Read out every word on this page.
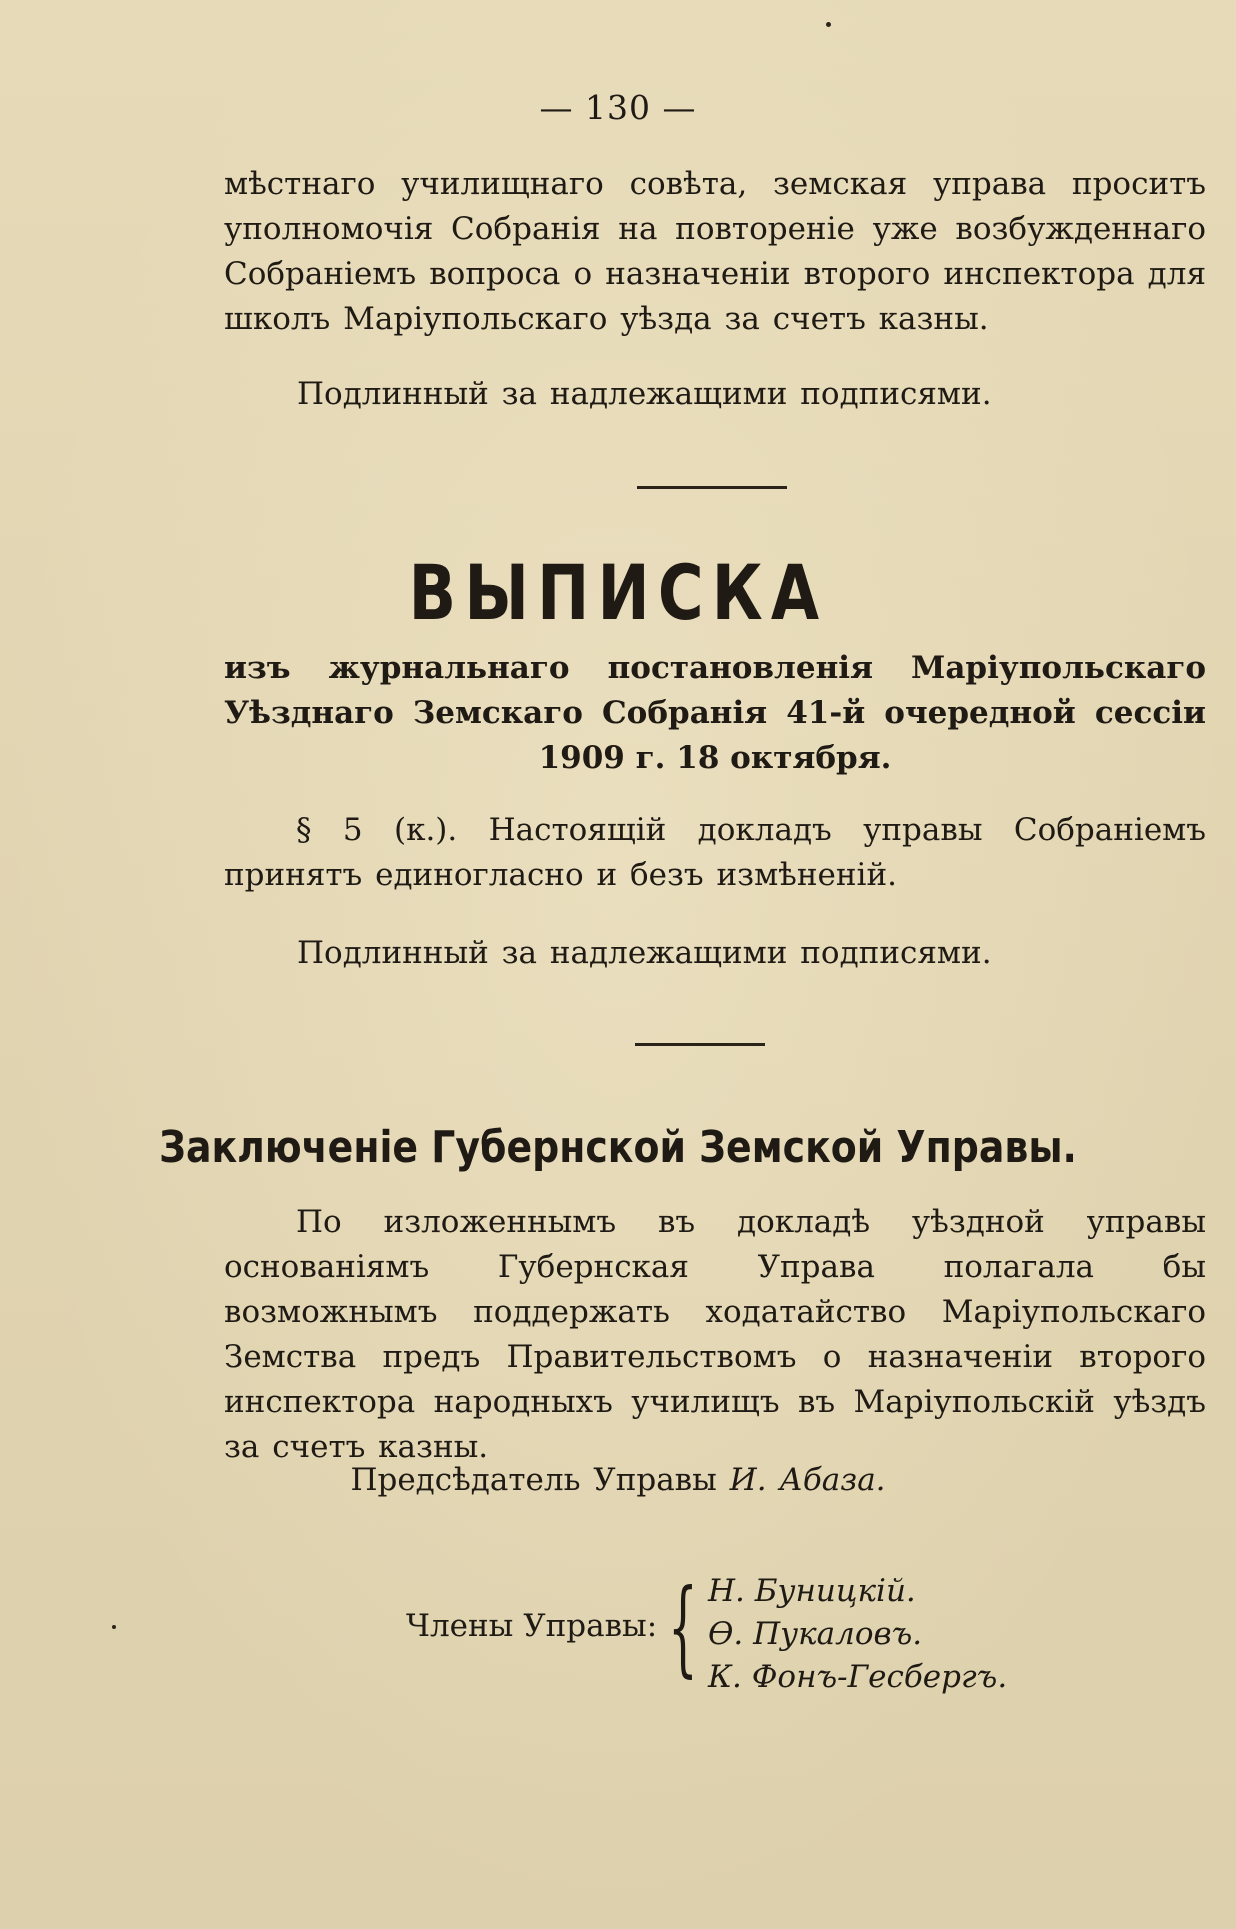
— 130 —

мѣстнаго училищнаго совѣта, земская управа проситъ уполномочія Собранія на повтореніе уже возбужденнаго Собраніемъ вопроса о назначеніи второго инспектора для школъ Маріупольскаго уѣзда за счетъ казны.

Подлинный за надлежащими подписями.

ВЫПИСКА

изъ журнальнаго постановленія Маріупольскаго Уѣзднаго Земскаго Собранія 41-й очередной сессіи 1909 г. 18 октября.

§ 5 (к.). Настоящій докладъ управы Собраніемъ принятъ единогласно и безъ измѣненій.

Подлинный за надлежащими подписями.

Заключеніе Губернской Земской Управы.

По изложеннымъ въ докладѣ уѣздной управы основаніямъ Губернская Управа полагала бы возможнымъ поддержать ходатайство Маріупольскаго Земства предъ Правительствомъ о назначеніи второго инспектора народныхъ училищъ въ Маріупольскій уѣздъ за счетъ казны.

Предсѣдатель Управы И. Абаза.
Члены Управы: { Н. Буницкій.
Ѳ. Пукаловъ.
К. Фонъ-Гесбергъ.
